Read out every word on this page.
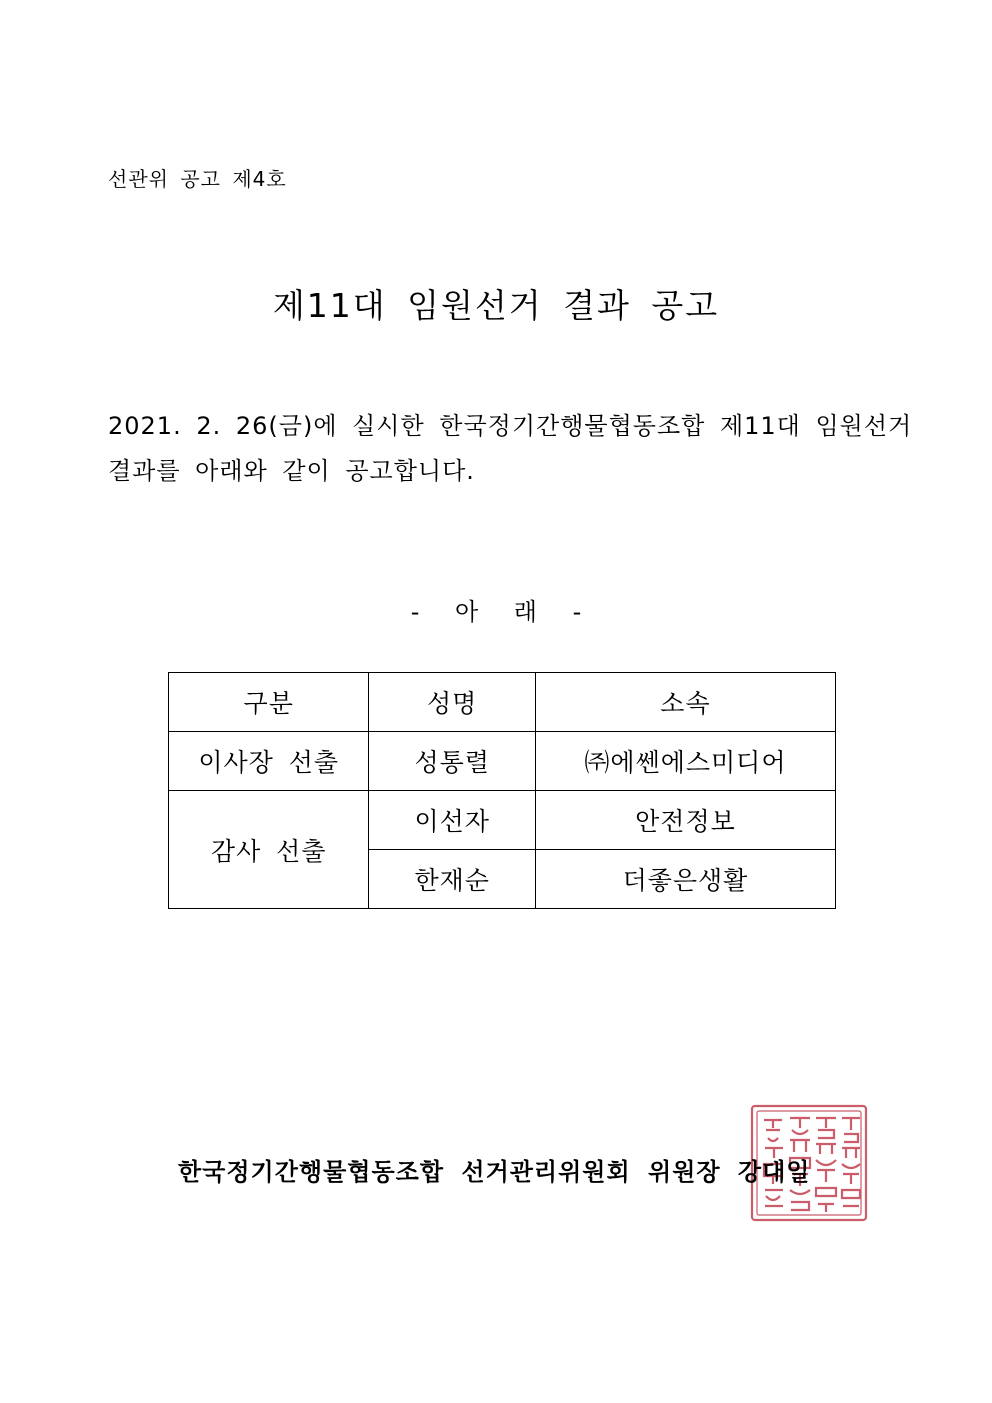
선관위 공고 제4호
제11대 임원선거 결과 공고
2021. 2. 26(금)에 실시한 한국정기간행물협동조합 제11대 임원선거
결과를 아래와 같이 공고합니다.
- 아 래 -
구분	성명	소속
이사장 선출	성통렬	㈜에쎈에스미디어
감사 선출	이선자	안전정보
	한재순	더좋은생활
한국정기간행물협동조합 선거관리위원회 위원장 강대일
